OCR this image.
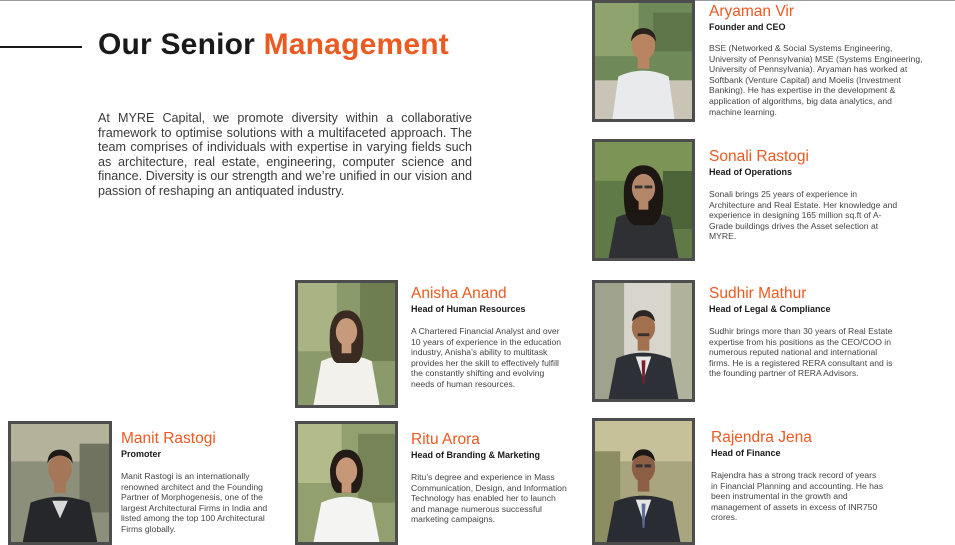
Our Senior Management

At MYRE Capital, we promote diversity within a collaborative framework to optimise solutions with a multifaceted approach. The team comprises of individuals with expertise in varying fields such as architecture, real estate, engineering, computer science and finance. Diversity is our strength and we’re unified in our vision and passion of reshaping an antiquated industry.

Aryaman Vir
Founder and CEO
BSE (Networked & Social Systems Engineering, University of Pennsylvania) MSE (Systems Engineering, University of Pennsylvania). Aryaman has worked at Softbank (Venture Capital) and Moelis (Investment Banking). He has expertise in the development & application of algorithms, big data analytics, and machine learning.
Sonali Rastogi
Head of Operations
Sonali brings 25 years of experience in Architecture and Real Estate. Her knowledge and experience in designing 165 million sq.ft of A- Grade buildings drives the Asset selection at MYRE.
Anisha Anand
Head of Human Resources
A Chartered Financial Analyst and over 10 years of experience in the education industry, Anisha’s ability to multitask provides her the skill to effectively fulfill the constantly shifting and evolving needs of human resources.
Sudhir Mathur
Head of Legal & Compliance
Sudhir brings more than 30 years of Real Estate expertise from his positions as the CEO/COO in numerous reputed national and international firms. He is a registered RERA consultant and is the founding partner of RERA Advisors.
Manit Rastogi
Promoter
Manit Rastogi is an internationally renowned architect and the Founding Partner of Morphogenesis, one of the largest Architectural Firms in India and listed among the top 100 Architectural Firms globally.
Ritu Arora
Head of Branding & Marketing
Ritu’s degree and experience in Mass Communication, Design, and Information Technology has enabled her to launch and manage numerous successful marketing campaigns.
Rajendra Jena
Head of Finance
Rajendra has a strong track record of years in Financial Planning and accounting. He has been instrumental in the growth and management of assets in excess of INR750 crores.
